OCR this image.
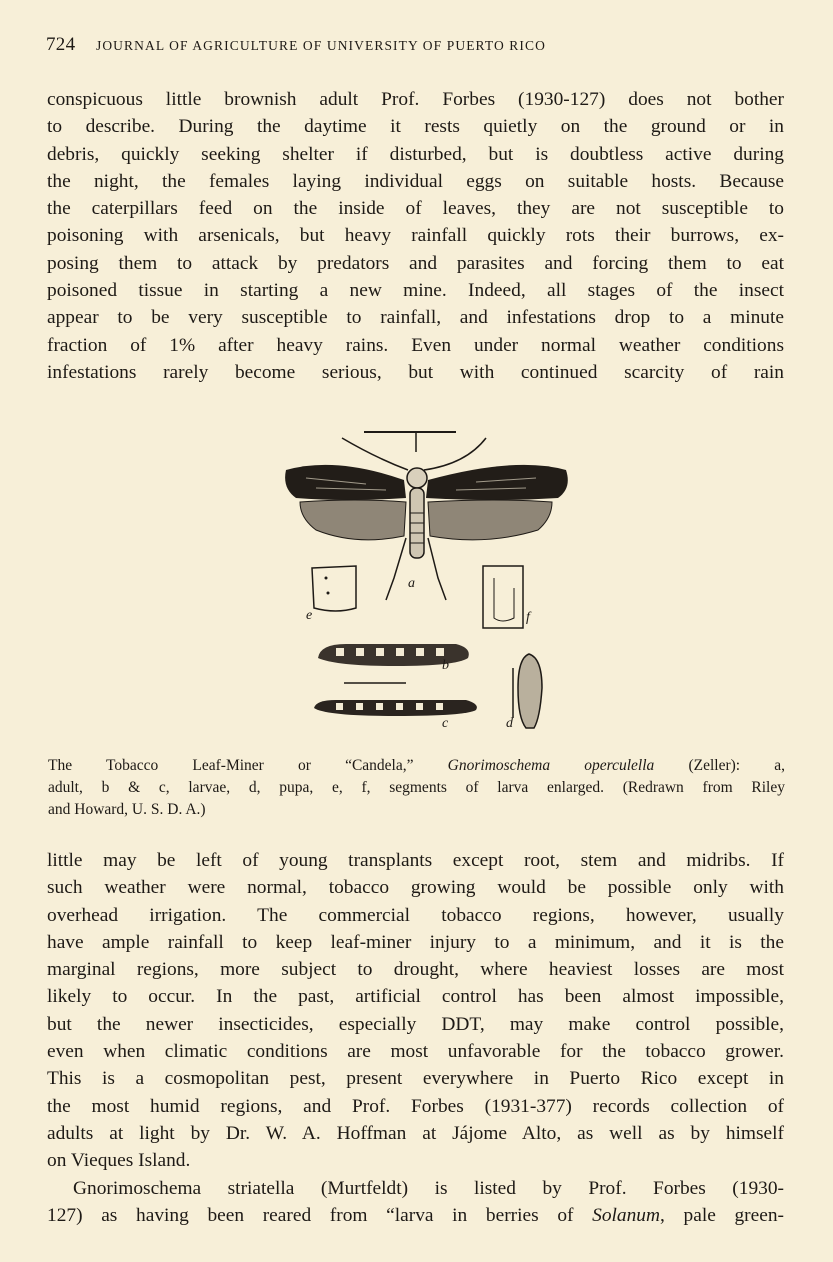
724 JOURNAL OF AGRICULTURE OF UNIVERSITY OF PUERTO RICO
conspicuous little brownish adult Prof. Forbes (1930-127) does not bother
to describe. During the daytime it rests quietly on the ground or in
debris, quickly seeking shelter if disturbed, but is doubtless active during
the night, the females laying individual eggs on suitable hosts. Because
the caterpillars feed on the inside of leaves, they are not susceptible to
poisoning with arsenicals, but heavy rainfall quickly rots their burrows, ex-
posing them to attack by predators and parasites and forcing them to eat
poisoned tissue in starting a new mine. Indeed, all stages of the insect
appear to be very susceptible to rainfall, and infestations drop to a minute
fraction of 1% after heavy rains. Even under normal weather conditions
infestations rarely become serious, but with continued scarcity of rain
a
b
c	d
e	f
The Tobacco Leaf-Miner or “Candela,” Gnorimoschema operculella (Zeller): a,
adult, b & c, larvae, d, pupa, e, f, segments of larva enlarged. (Redrawn from Riley
and Howard, U. S. D. A.)
little may be left of young transplants except root, stem and midribs. If
such weather were normal, tobacco growing would be possible only with
overhead irrigation. The commercial tobacco regions, however, usually
have ample rainfall to keep leaf-miner injury to a minimum, and it is the
marginal regions, more subject to drought, where heaviest losses are most
likely to occur. In the past, artificial control has been almost impossible,
but the newer insecticides, especially DDT, may make control possible,
even when climatic conditions are most unfavorable for the tobacco grower.
This is a cosmopolitan pest, present everywhere in Puerto Rico except in
the most humid regions, and Prof. Forbes (1931-377) records collection of
adults at light by Dr. W. A. Hoffman at Jájome Alto, as well as by himself
on Vieques Island.
Gnorimoschema striatella (Murtfeldt) is listed by Prof. Forbes (1930-
127) as having been reared from “larva in berries of Solanum, pale green-
